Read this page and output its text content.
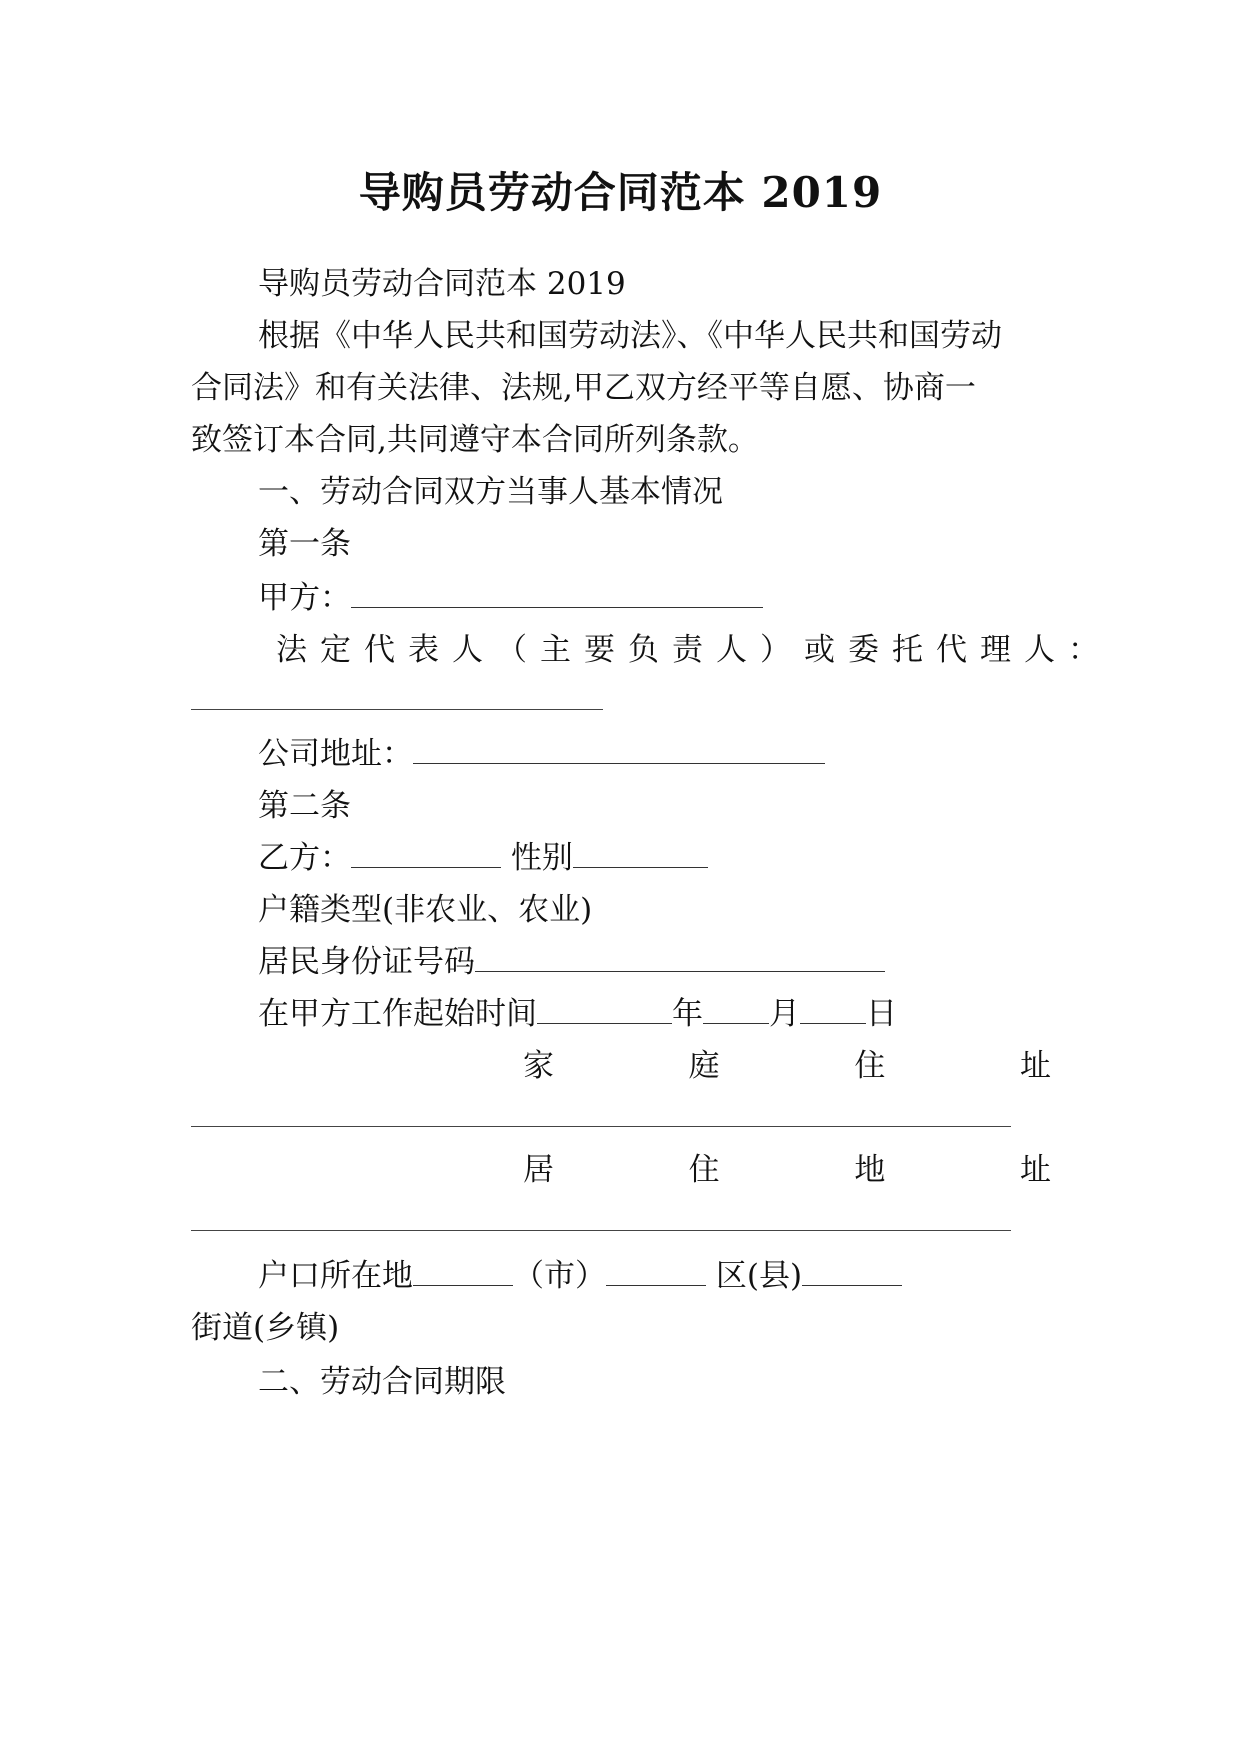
导购员劳动合同范本 2019
导购员劳动合同范本 2019
根据《中华人民共和国劳动法》、《中华人民共和国劳动
合同法》和有关法律、法规,甲乙双方经平等自愿、协商一
致签订本合同,共同遵守本合同所列条款。
一、劳动合同双方当事人基本情况
第一条
甲方：
法定代表人（主要负责人）或委托代理人：
公司地址：
第二条
乙方：	性别
户籍类型(非农业、农业)
居民身份证号码
在甲方工作起始时间	年 月 日
家	庭	住	址
居	住	地	址
户口所在地	（市）	区(县)
街道(乡镇)
二、劳动合同期限
